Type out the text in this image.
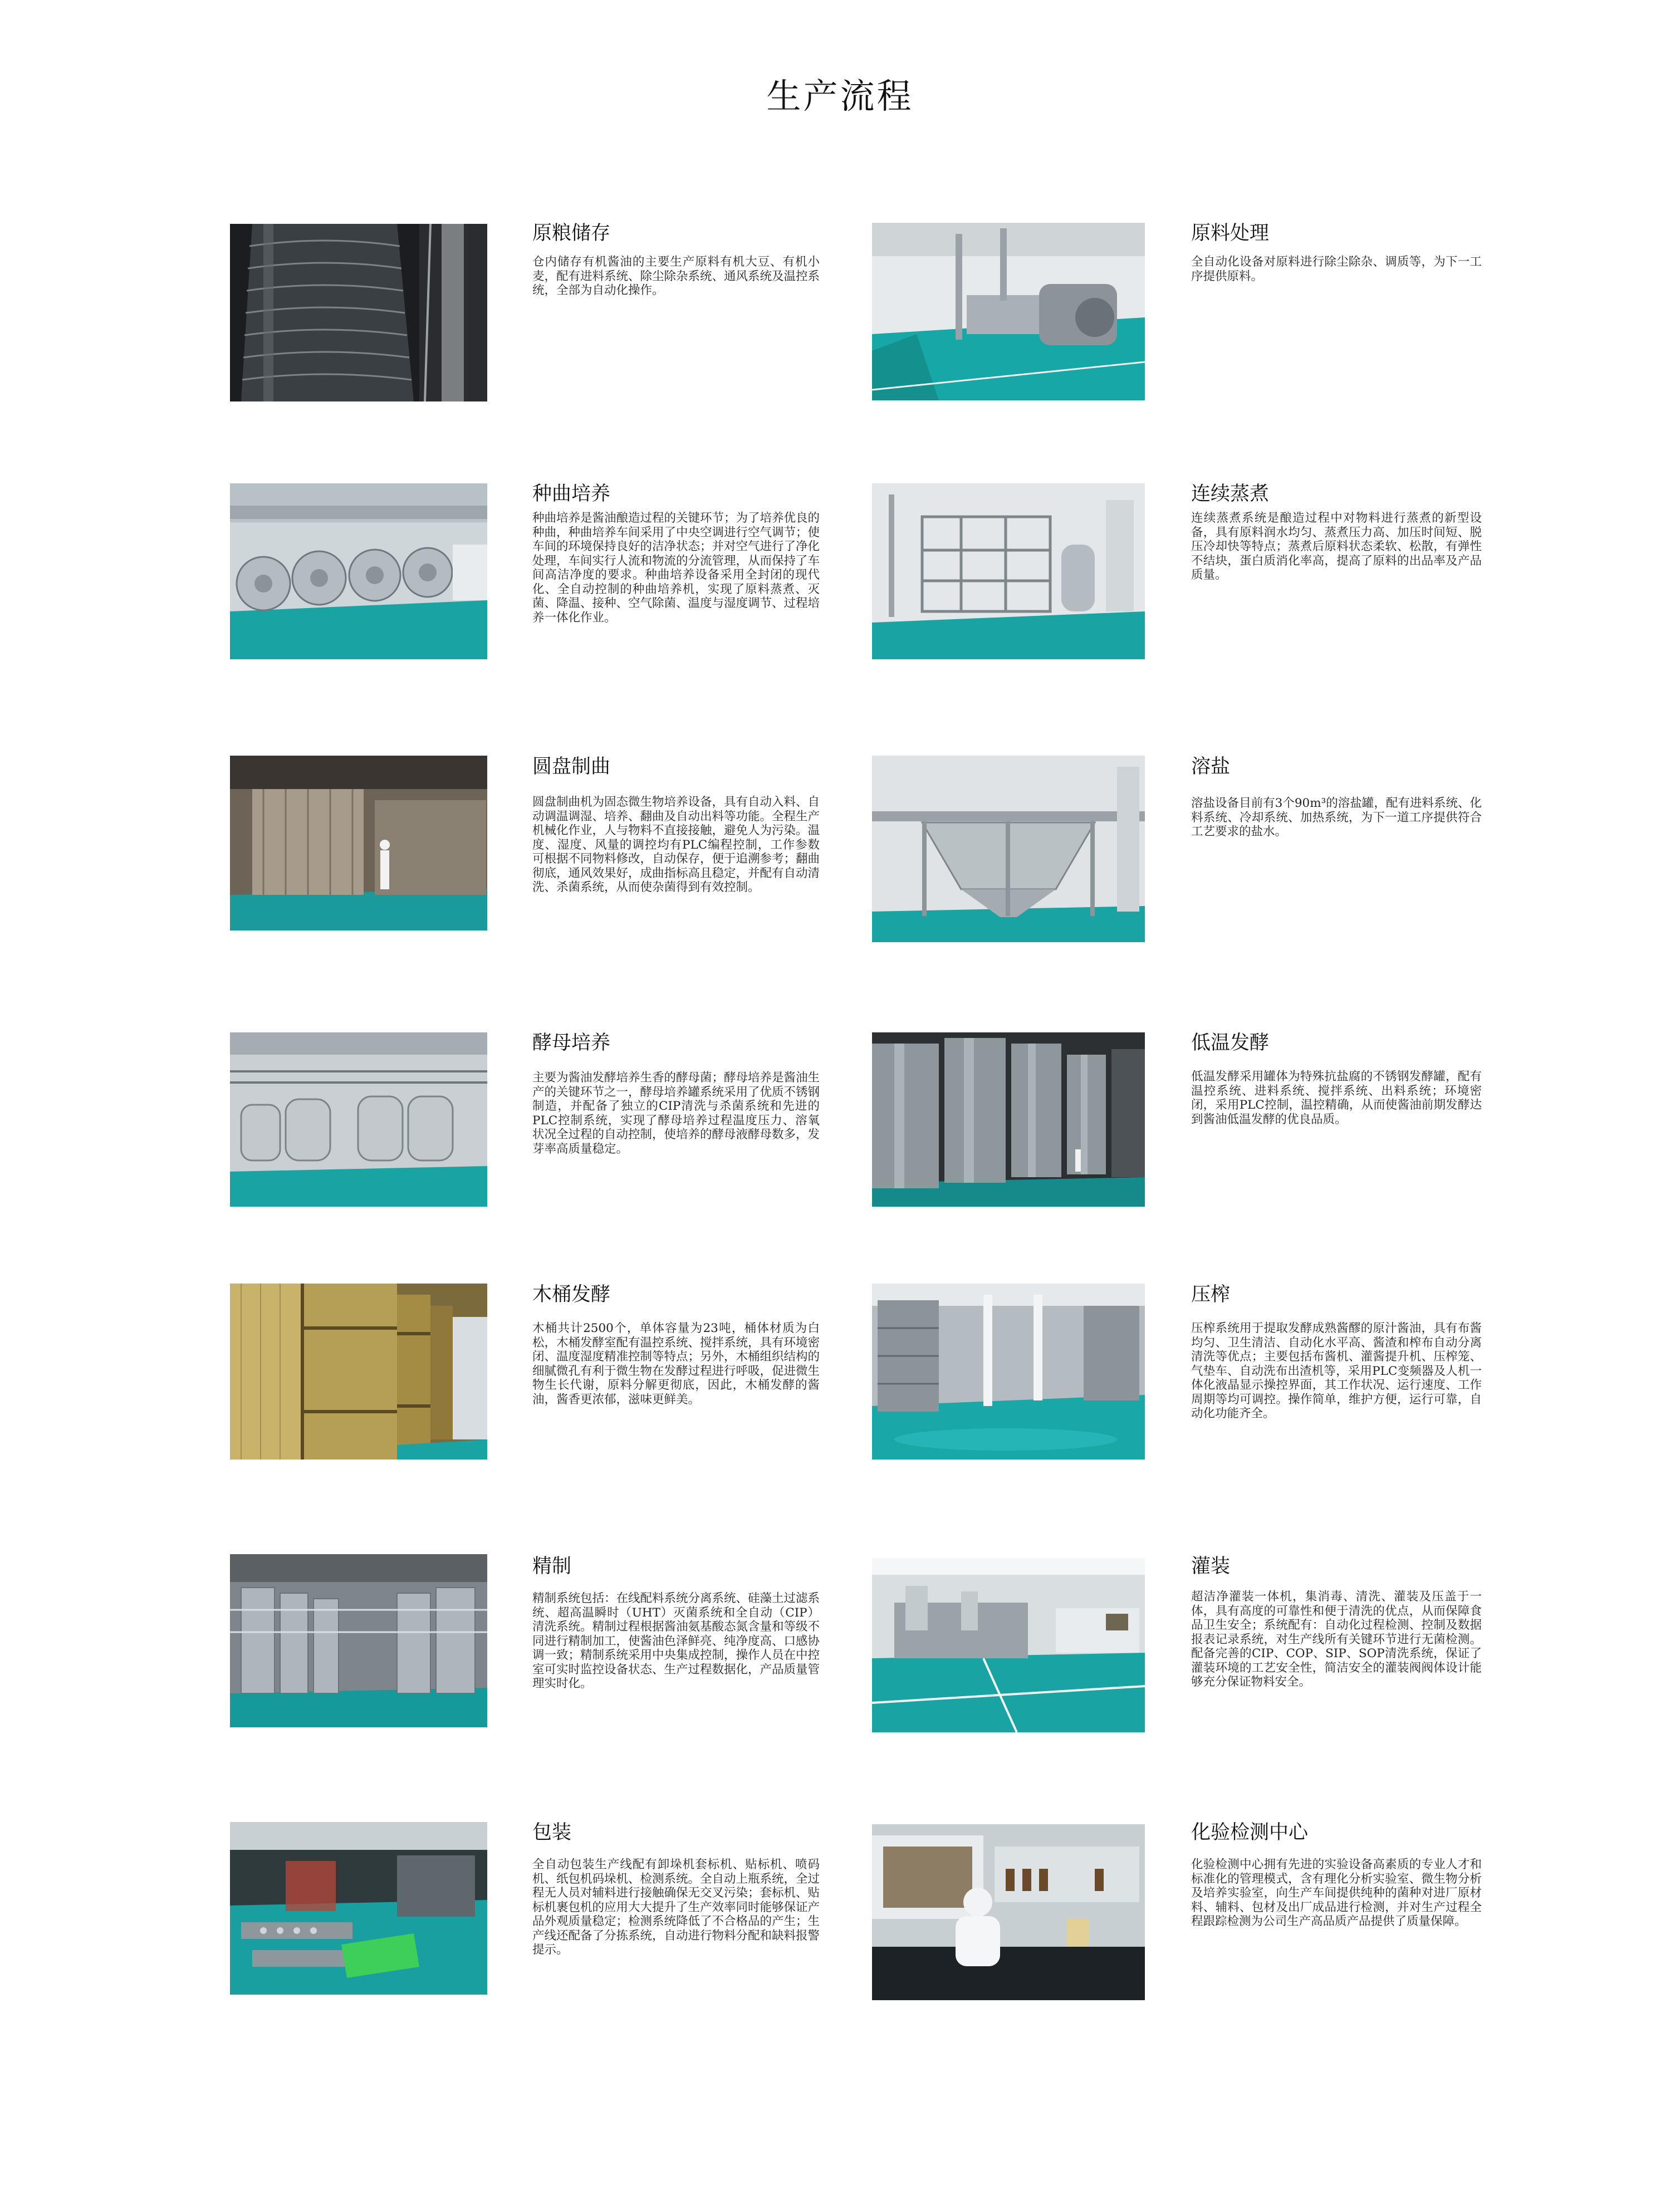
生产流程
原粮储存
仓内储存有机酱油的主要生产原料有机大豆、有机小麦，配有进料系统、除尘除杂系统、通风系统及温控系统，全部为自动化操作。
原料处理
全自动化设备对原料进行除尘除杂、调质等，为下一工序提供原料。
种曲培养
种曲培养是酱油酿造过程的关键环节；为了培养优良的种曲，种曲培养车间采用了中央空调进行空气调节；使车间的环境保持良好的洁净状态；并对空气进行了净化处理，车间实行人流和物流的分流管理，从而保持了车间高洁净度的要求。种曲培养设备采用全封闭的现代化、全自动控制的种曲培养机，实现了原料蒸煮、灭菌、降温、接种、空气除菌、温度与湿度调节、过程培养一体化作业。
连续蒸煮
连续蒸煮系统是酿造过程中对物料进行蒸煮的新型设备，具有原料润水均匀、蒸煮压力高、加压时间短、脱压冷却快等特点；蒸煮后原料状态柔软、松散，有弹性不结块，蛋白质消化率高，提高了原料的出品率及产品质量。
圆盘制曲
圆盘制曲机为固态微生物培养设备，具有自动入料、自动调温调湿、培养、翻曲及自动出料等功能。全程生产机械化作业，人与物料不直接接触，避免人为污染。温度、湿度、风量的调控均有PLC编程控制，工作参数可根据不同物料修改，自动保存，便于追溯参考；翻曲彻底，通风效果好，成曲指标高且稳定，并配有自动清洗、杀菌系统，从而使杂菌得到有效控制。
溶盐
溶盐设备目前有3个90m³的溶盐罐，配有进料系统、化料系统、冷却系统、加热系统，为下一道工序提供符合工艺要求的盐水。
酵母培养
主要为酱油发酵培养生香的酵母菌；酵母培养是酱油生产的关键环节之一，酵母培养罐系统采用了优质不锈钢制造，并配备了独立的CIP清洗与杀菌系统和先进的PLC控制系统，实现了酵母培养过程温度压力、溶氧状况全过程的自动控制，使培养的酵母液酵母数多，发芽率高质量稳定。
低温发酵
低温发酵采用罐体为特殊抗盐腐的不锈钢发酵罐，配有温控系统、进料系统、搅拌系统、出料系统；环境密闭，采用PLC控制，温控精确，从而使酱油前期发酵达到酱油低温发酵的优良品质。
木桶发酵
木桶共计2500个，单体容量为23吨，桶体材质为白松，木桶发酵室配有温控系统、搅拌系统，具有环境密闭、温度湿度精准控制等特点；另外，木桶组织结构的细腻微孔有利于微生物在发酵过程进行呼吸，促进微生物生长代谢，原料分解更彻底，因此，木桶发酵的酱油，酱香更浓郁，滋味更鲜美。
压榨
压榨系统用于提取发酵成熟酱醪的原汁酱油，具有布酱均匀、卫生清洁、自动化水平高、酱渣和榨布自动分离清洗等优点；主要包括布酱机、灌酱提升机、压榨笼、气垫车、自动洗布出渣机等，采用PLC变频器及人机一体化液晶显示操控界面，其工作状况、运行速度、工作周期等均可调控。操作简单，维护方便，运行可靠，自动化功能齐全。
精制
精制系统包括：在线配料系统分离系统、硅藻土过滤系统、超高温瞬时（UHT）灭菌系统和全自动（CIP）清洗系统。精制过程根据酱油氨基酸态氮含量和等级不同进行精制加工，使酱油色泽鲜亮、纯净度高、口感协调一致；精制系统采用中央集成控制，操作人员在中控室可实时监控设备状态、生产过程数据化，产品质量管理实时化。
灌装
超洁净灌装一体机，集消毒、清洗、灌装及压盖于一体，具有高度的可靠性和便于清洗的优点，从而保障食品卫生安全；系统配有：自动化过程检测、控制及数据报表记录系统，对生产线所有关键环节进行无菌检测。配备完善的CIP、COP、SIP、SOP清洗系统，保证了灌装环境的工艺安全性，简洁安全的灌装阀阀体设计能够充分保证物料安全。
包装
全自动包装生产线配有卸垛机套标机、贴标机、喷码机、纸包机码垛机、检测系统。全自动上瓶系统，全过程无人员对辅料进行接触确保无交叉污染；套标机、贴标机裹包机的应用大大提升了生产效率同时能够保证产品外观质量稳定；检测系统降低了不合格品的产生；生产线还配备了分拣系统，自动进行物料分配和缺料报警提示。
化验检测中心
化验检测中心拥有先进的实验设备高素质的专业人才和标准化的管理模式，含有理化分析实验室、微生物分析及培养实验室，向生产车间提供纯种的菌种对进厂原材料、辅料、包材及出厂成品进行检测，并对生产过程全程跟踪检测为公司生产高品质产品提供了质量保障。
